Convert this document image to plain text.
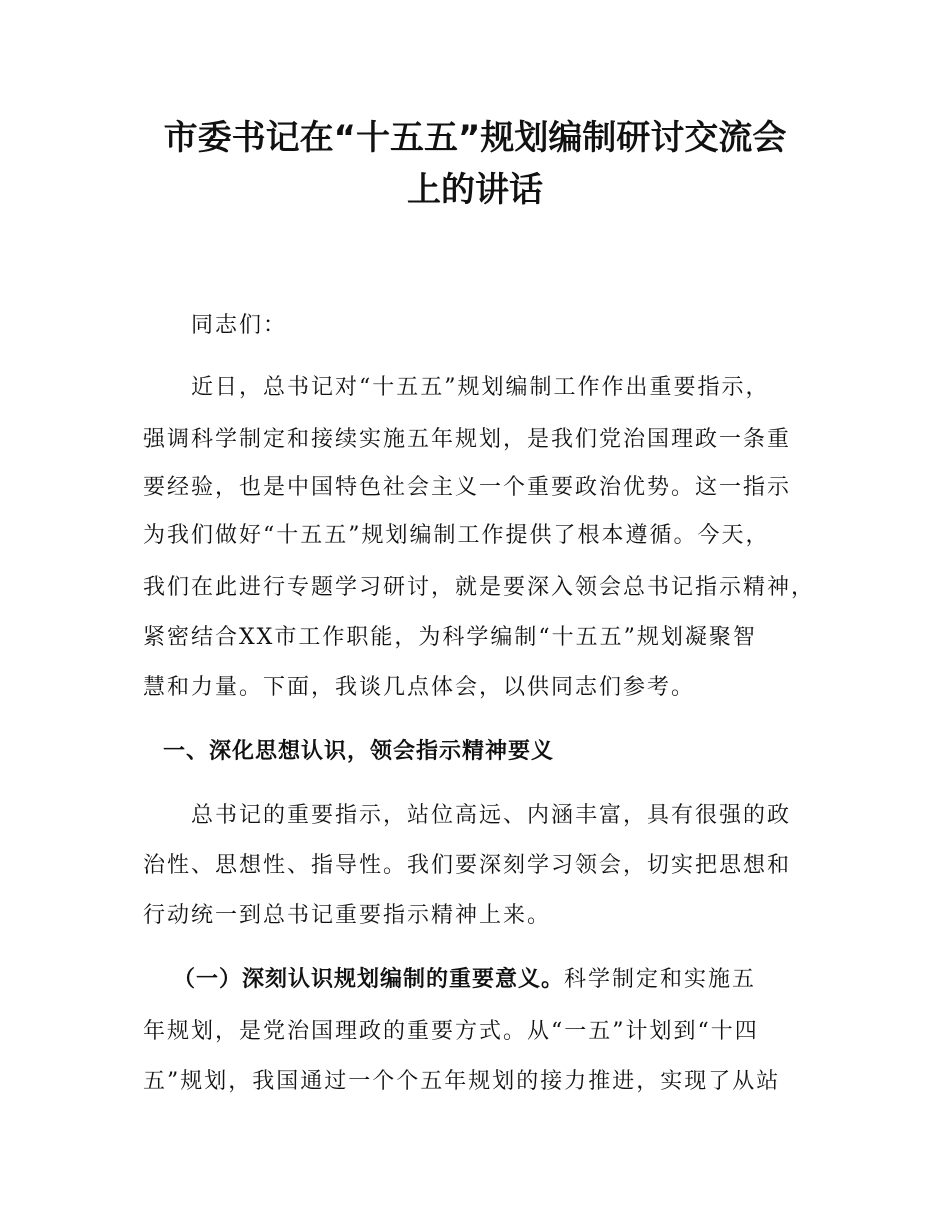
市委书记在“十五五”规划编制研讨交流会
上的讲话
同志们：
近日，总书记对“十五五”规划编制工作作出重要指示，
强调科学制定和接续实施五年规划，是我们党治国理政一条重
要经验，也是中国特色社会主义一个重要政治优势。这一指示
为我们做好“十五五”规划编制工作提供了根本遵循。今天，
我们在此进行专题学习研讨，就是要深入领会总书记指示精神，
紧密结合XX市工作职能，为科学编制“十五五”规划凝聚智
慧和力量。下面，我谈几点体会，以供同志们参考。
一、深化思想认识，领会指示精神要义
总书记的重要指示，站位高远、内涵丰富，具有很强的政
治性、思想性、指导性。我们要深刻学习领会，切实把思想和
行动统一到总书记重要指示精神上来。
（一）深刻认识规划编制的重要意义。科学制定和实施五
年规划，是党治国理政的重要方式。从“一五”计划到“十四
五”规划，我国通过一个个五年规划的接力推进，实现了从站
